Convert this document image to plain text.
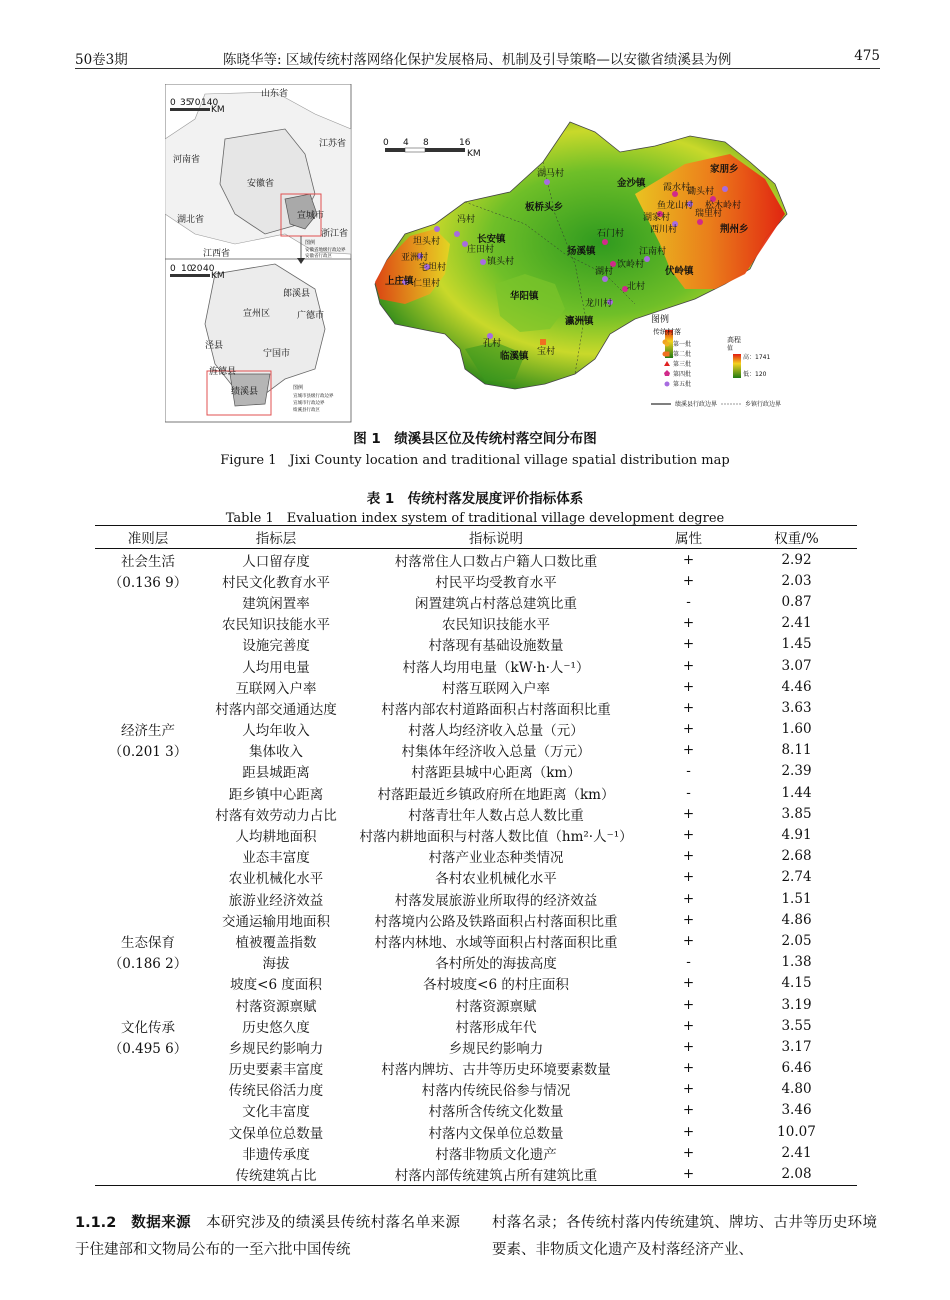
50卷3期	陈晓华等: 区域传统村落网络化保护发展格局、机制及引导策略—以安徽省绩溪县为例	475
0 35
70 140
KM
0 10
20 40
KM
山东省
江苏省
河南省
安徽省
湖北省	宣城市
浙江省
江西省
图例
安徽省地级行政边界
安徽省行政区
郎溪县
宣州区	广德市
泾县
宁国市
旌德县
绩溪县	图例
宣城市县级行政边界
宣城市行政边界
绩溪县行政区
0 4 8	16
KM
金沙镇
家朋乡
板桥头乡
长安镇
扬溪镇
荆州乡
伏岭镇
上庄镇
华阳镇
瀛洲镇
临溪镇
湖马村
霞水村
磡头村
鱼龙山村 松木岭村
湖家村
西川村
瑞里村
坦头村
冯村
庄田村
石门村
亚洲村	镇头村
江南村
宅坦村
仁里村
饮岭村
湖村
龙川村
北村
孔村
宝村
图例
传统村落
第一批
第二批
第三批
第四批
第五批
高程
值
高：1741
低：120
绩溪县行政边界	乡镇行政边界
图 1　绩溪县区位及传统村落空间分布图
Figure 1　Jixi County location and traditional village spatial distribution map
表 1　传统村落发展度评价指标体系
Table 1　Evaluation index system of traditional village development degree
准则层	指标层	指标说明	属性	权重/%
社会生活	人口留存度	村落常住人口数占户籍人口数比重	+	2.92
（0.136 9）	村民文化教育水平	村民平均受教育水平	+	2.03
	建筑闲置率	闲置建筑占村落总建筑比重	-	0.87
	农民知识技能水平	农民知识技能水平	+	2.41
	设施完善度	村落现有基础设施数量	+	1.45
	人均用电量	村落人均用电量（kW·h·人⁻¹）	+	3.07
	互联网入户率	村落互联网入户率	+	4.46
	村落内部交通通达度	村落内部农村道路面积占村落面积比重	+	3.63
经济生产	人均年收入	村落人均经济收入总量（元）	+	1.60
（0.201 3）	集体收入	村集体年经济收入总量（万元）	+	8.11
	距县城距离	村落距县城中心距离（km）	-	2.39
	距乡镇中心距离	村落距最近乡镇政府所在地距离（km）	-	1.44
	村落有效劳动力占比	村落青壮年人数占总人数比重	+	3.85
	人均耕地面积	村落内耕地面积与村落人数比值（hm²·人⁻¹）	+	4.91
	业态丰富度	村落产业业态种类情况	+	2.68
	农业机械化水平	各村农业机械化水平	+	2.74
	旅游业经济效益	村落发展旅游业所取得的经济效益	+	1.51
	交通运输用地面积	村落境内公路及铁路面积占村落面积比重	+	4.86
生态保育	植被覆盖指数	村落内林地、水域等面积占村落面积比重	+	2.05
（0.186 2）	海拔	各村所处的海拔高度	-	1.38
	坡度<6 度面积	各村坡度<6 的村庄面积	+	4.15
	村落资源禀赋	村落资源禀赋	+	3.19
文化传承	历史悠久度	村落形成年代	+	3.55
（0.495 6）	乡规民约影响力	乡规民约影响力	+	3.17
	历史要素丰富度	村落内牌坊、古井等历史环境要素数量	+	6.46
	传统民俗活力度	村落内传统民俗参与情况	+	4.80
	文化丰富度	村落所含传统文化数量	+	3.46
	文保单位总数量	村落内文保单位总数量	+	10.07
	非遗传承度	村落非物质文化遗产	+	2.41
	传统建筑占比	村落内部传统建筑占所有建筑比重	+	2.08
1.1.2  数据来源  本研究涉及的绩溪县传统村落名单来源于住建部和文物局公布的一至六批中国传统
村落名录；各传统村落内传统建筑、牌坊、古井等历史环境要素、非物质文化遗产及村落经济产业、
